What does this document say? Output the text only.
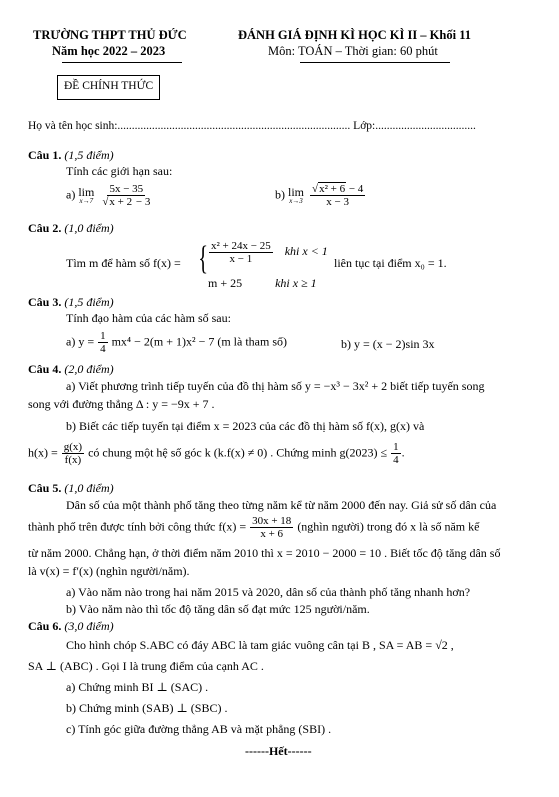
TRƯỜNG THPT THỦ ĐỨC
Năm học 2022 – 2023
ĐỀ CHÍNH THỨC
ĐÁNH GIÁ ĐỊNH KÌ HỌC KÌ II – Khối 11
Môn: TOÁN – Thời gian: 60 phút
Họ và tên học sinh:................................................................................. Lớp:...................................
Câu 1. (1,5 điểm)
Tính các giới hạn sau:
a) lim
x→7
$\frac{5x - 35}{√x + 2 - 3}$	b) lim
x→3
$\frac{\text{√x² + 6 − 4}}{x - 3}$
Câu 2. (1,0 điểm)
Tìm m để hàm số f(x) = { $\frac{\text{x² + 24x − 25}}{x - 1}$ khi x < 1
m + 25	khi x ≥ 1
liên tục tại điểm x₀ = 1.
Câu 3. (1,5 điểm)
Tính đạo hàm của các hàm số sau:
a) $y = \frac{1}{4} mx^4 - 2(m + 1)x^2 - 7$ (m là tham số)	b) y = (x − 2)sin 3x
Câu 4. (2,0 điểm)
a) Viết phương trình tiếp tuyến của đồ thị hàm số y = −x³ − 3x² + 2 biết tiếp tuyến song
song với đường thẳng Δ : y = −9x + 7 .
b) Biết các tiếp tuyến tại điểm x = 2023 của các đồ thị hàm số f(x), g(x) và
$h(x) = \frac{g(x)}{f(x)}$ có chung một hệ số góc k (k.f(x) ≠ 0) . Chứng minh $g(2023) \le \frac{1}{4}$ .
Câu 5. (1,0 điểm)
Dân số của một thành phố tăng theo từng năm kể từ năm 2000 đến nay. Giả sử số dân của
thành phố trên được tính bởi công thức $f(x) = \frac{30x + 18}{x + 6}$ (nghìn người) trong đó x là số năm kể
từ năm 2000. Chẳng hạn, ở thời điểm năm 2010 thì x = 2010 − 2000 = 10 . Biết tốc độ tăng dân số
là v(x) = f′(x) (nghìn người/năm).
a) Vào năm nào trong hai năm 2015 và 2020, dân số của thành phố tăng nhanh hơn?
b) Vào năm nào thì tốc độ tăng dân số đạt mức 125 người/năm.
Câu 6. (3,0 điểm)
Cho hình chóp S.ABC có đáy ABC là tam giác vuông cân tại B , SA = AB = √2 ,
SA ⊥ (ABC) . Gọi I là trung điểm của cạnh AC .
a) Chứng minh BI ⊥ (SAC) .
b) Chứng minh (SAB) ⊥ (SBC) .
c) Tính góc giữa đường thẳng AB và mặt phẳng (SBI) .
------Hết------
